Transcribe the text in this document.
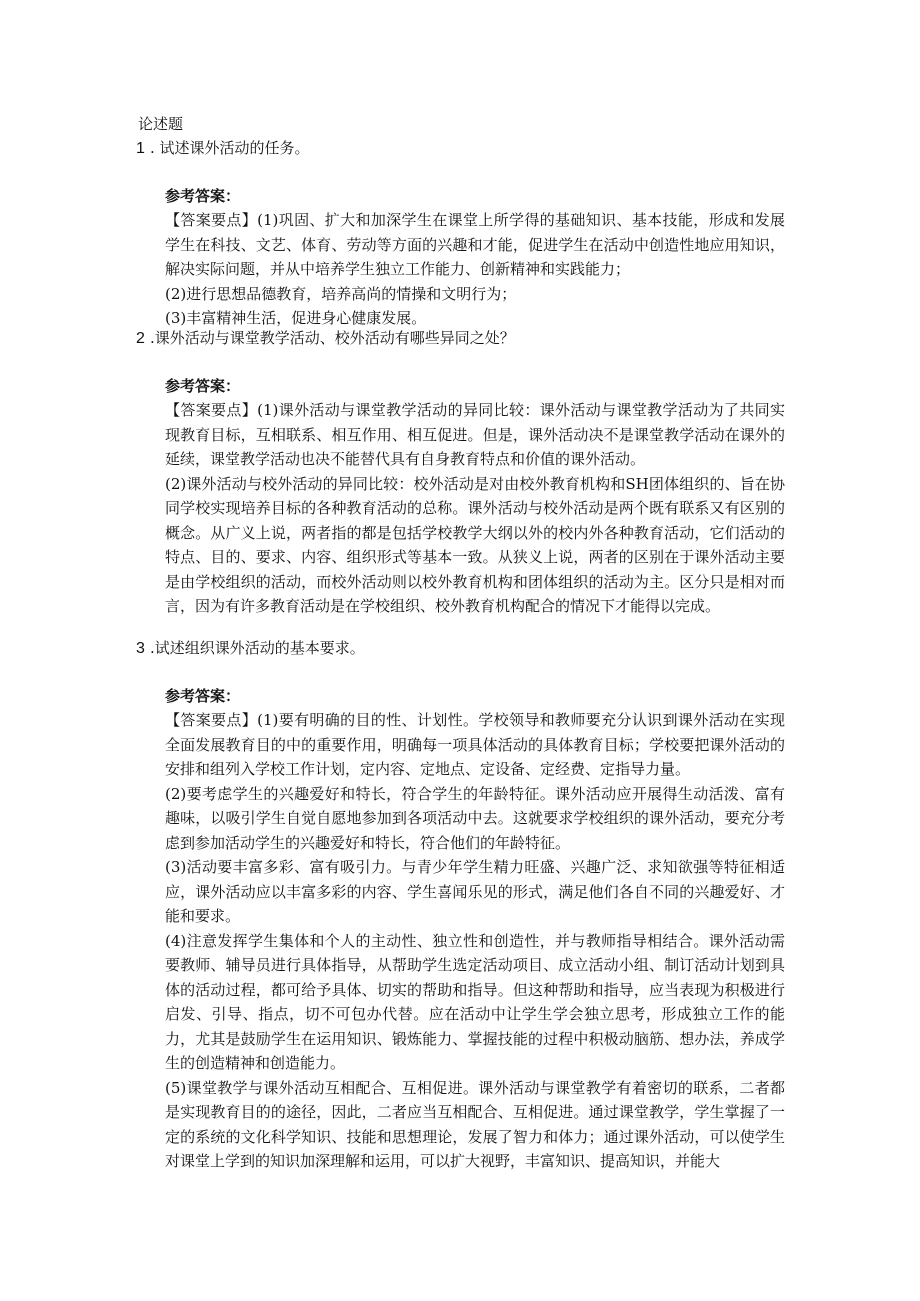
论述题
1 . 试述课外活动的任务。
参考答案：

【答案要点】(1)巩固、扩大和加深学生在课堂上所学得的基础知识、基本技能，形成和发展学生在科技、文艺、体育、劳动等方面的兴趣和才能，促进学生在活动中创造性地应用知识，解决实际问题，并从中培养学生独立工作能力、创新精神和实践能力；

(2)进行思想品德教育，培养高尚的情操和文明行为；

(3)丰富精神生活，促进身心健康发展。

2 .课外活动与课堂教学活动、校外活动有哪些异同之处？
参考答案：

【答案要点】(1)课外活动与课堂教学活动的异同比较：课外活动与课堂教学活动为了共同实现教育目标，互相联系、相互作用、相互促进。但是，课外活动决不是课堂教学活动在课外的延续，课堂教学活动也决不能替代具有自身教育特点和价值的课外活动。

(2)课外活动与校外活动的异同比较：校外活动是对由校外教育机构和SH团体组织的、旨在协同学校实现培养目标的各种教育活动的总称。课外活动与校外活动是两个既有联系又有区别的概念。从广义上说，两者指的都是包括学校教学大纲以外的校内外各种教育活动，它们活动的特点、目的、要求、内容、组织形式等基本一致。从狭义上说，两者的区别在于课外活动主要是由学校组织的活动，而校外活动则以校外教育机构和团体组织的活动为主。区分只是相对而言，因为有许多教育活动是在学校组织、校外教育机构配合的情况下才能得以完成。

3 .试述组织课外活动的基本要求。
参考答案：

【答案要点】(1)要有明确的目的性、计划性。学校领导和教师要充分认识到课外活动在实现全面发展教育目的中的重要作用，明确每一项具体活动的具体教育目标；学校要把课外活动的安排和组列入学校工作计划，定内容、定地点、定设备、定经费、定指导力量。

(2)要考虑学生的兴趣爱好和特长，符合学生的年龄特征。课外活动应开展得生动活泼、富有趣味，以吸引学生自觉自愿地参加到各项活动中去。这就要求学校组织的课外活动，要充分考虑到参加活动学生的兴趣爱好和特长，符合他们的年龄特征。

(3)活动要丰富多彩、富有吸引力。与青少年学生精力旺盛、兴趣广泛、求知欲强等特征相适应，课外活动应以丰富多彩的内容、学生喜闻乐见的形式，满足他们各自不同的兴趣爱好、才能和要求。

(4)注意发挥学生集体和个人的主动性、独立性和创造性，并与教师指导相结合。课外活动需要教师、辅导员进行具体指导，从帮助学生选定活动项目、成立活动小组、制订活动计划到具体的活动过程，都可给予具体、切实的帮助和指导。但这种帮助和指导，应当表现为积极进行启发、引导、指点，切不可包办代替。应在活动中让学生学会独立思考，形成独立工作的能力，尤其是鼓励学生在运用知识、锻炼能力、掌握技能的过程中积极动脑筋、想办法，养成学生的创造精神和创造能力。

(5)课堂教学与课外活动互相配合、互相促进。课外活动与课堂教学有着密切的联系，二者都是实现教育目的的途径，因此，二者应当互相配合、互相促进。通过课堂教学，学生掌握了一定的系统的文化科学知识、技能和思想理论，发展了智力和体力；通过课外活动，可以使学生对课堂上学到的知识加深理解和运用，可以扩大视野，丰富知识、提高知识，并能大
